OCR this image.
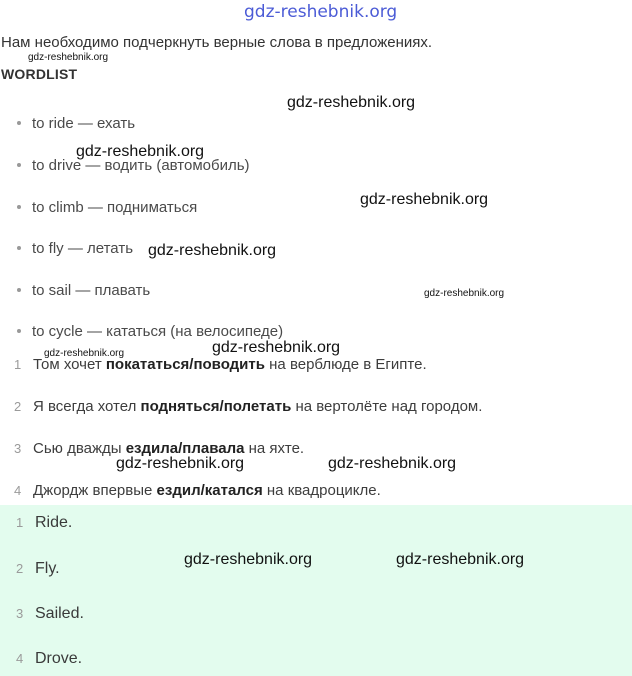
Нам необходимо подчеркнуть верные слова в предложениях.
WORDLIST
to ride — ехать
to drive — водить (автомобиль)
to climb — подниматься
to fly — летать
to sail — плавать
to cycle — кататься (на велосипеде)
1 Том хочет покататься/поводить на верблюде в Египте.
2 Я всегда хотел подняться/полетать на вертолёте над городом.
3 Сью дважды ездила/плавала на яхте.
4 Джордж впервые ездил/катался на квадроцикле.
1 Ride.
2 Fly.
3 Sailed.
4 Drove.
gdz-reshebnik.org
gdz-reshebnik.org
gdz-reshebnik.org
gdz-reshebnik.org
gdz-reshebnik.org
gdz-reshebnik.org
gdz-reshebnik.org
gdz-reshebnik.org
gdz-reshebnik.org
gdz-reshebnik.org	gdz-reshebnik.org
gdz-reshebnik.org	gdz-reshebnik.org
